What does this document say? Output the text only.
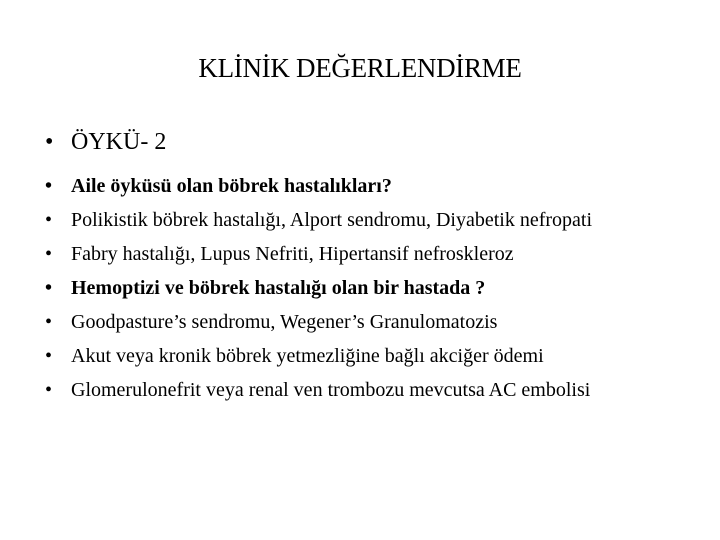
KLİNİK DEĞERLENDİRME
• ÖYKÜ- 2
• Aile öyküsü olan böbrek hastalıkları?
• Polikistik böbrek hastalığı, Alport sendromu, Diyabetik nefropati
• Fabry hastalığı, Lupus Nefriti, Hipertansif nefroskleroz
• Hemoptizi ve böbrek hastalığı olan bir hastada ?
• Goodpasture’s sendromu, Wegener’s Granulomatozis
• Akut veya kronik böbrek yetmezliğine bağlı akciğer ödemi
• Glomerulonefrit veya renal ven trombozu mevcutsa AC embolisi
